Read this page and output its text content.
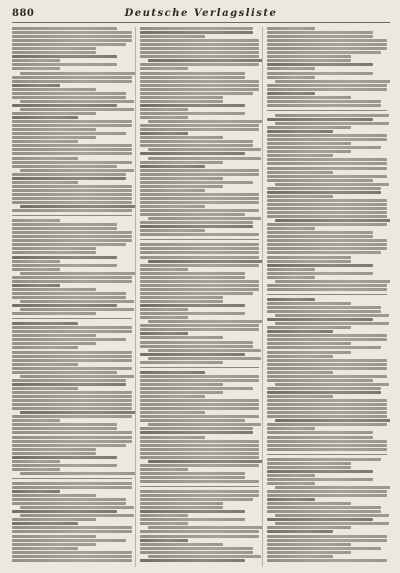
880	Deutsche Verlagsliste
